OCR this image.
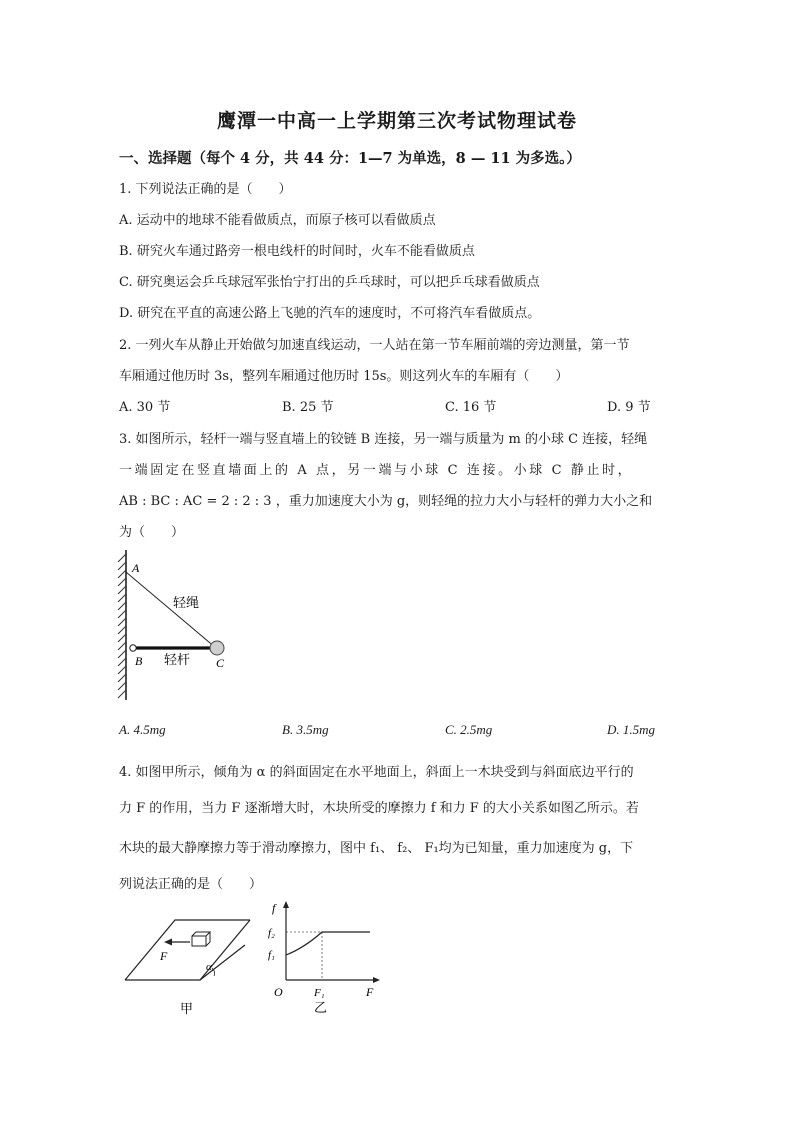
鹰潭一中高一上学期第三次考试物理试卷
一、选择题（每个 4 分，共 44 分：1—7 为单选，8 — 11 为多选。）
1. 下列说法正确的是（　　）
A. 运动中的地球不能看做质点，而原子核可以看做质点
B. 研究火车通过路旁一根电线杆的时间时，火车不能看做质点
C. 研究奥运会乒乓球冠军张怡宁打出的乒乓球时，可以把乒乓球看做质点
D. 研究在平直的高速公路上飞驰的汽车的速度时，不可将汽车看做质点。
2. 一列火车从静止开始做匀加速直线运动，一人站在第一节车厢前端的旁边测量，第一节
车厢通过他历时 3s，整列车厢通过他历时 15s。则这列火车的车厢有（　　）
A. 30 节	B. 25 节	C. 16 节	D. 9 节
3. 如图所示，轻杆一端与竖直墙上的铰链 B 连接，另一端与质量为 m 的小球 C 连接，轻绳
一端固定在竖直墙面上的 A 点，另一端与小球 C 连接。小球 C 静止时，
AB : BC : AC = 2 : 2 : 3 ，重力加速度大小为 g，则轻绳的拉力大小与轻杆的弹力大小之和
为（　　）
A
B	C
轻绳
轻杆
A. 4.5mg	B. 3.5mg	C. 2.5mg	D. 1.5mg
4. 如图甲所示，倾角为 α 的斜面固定在水平地面上，斜面上一木块受到与斜面底边平行的
力 F 的作用，当力 F 逐渐增大时，木块所受的摩擦力 f 和力 F 的大小关系如图乙所示。若
木块的最大静摩擦力等于滑动摩擦力，图中 f₁、 f₂、 F₁均为已知量，重力加速度为 g，下
列说法正确的是（　　）
F
α
甲
f
f₂
f₁
O	F₁	F
乙
